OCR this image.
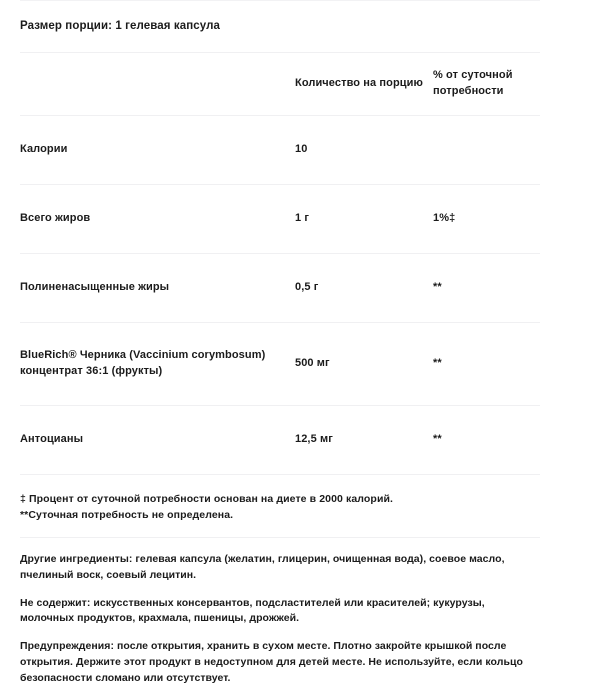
Размер порции: 1 гелевая капсула
	Количество на порцию	% от суточной
потребности
Калории	10	
Всего жиров	1 г	1%‡
Полиненасыщенные жиры	0,5 г	**
BlueRich® Черника (Vaccinium corymbosum) концентрат 36:1 (фрукты)	500 мг	**
Антоцианы	12,5 мг	**
‡ Процент от суточной потребности основан на диете в 2000 калорий.
**Суточная потребность не определена.

Другие ингредиенты: гелевая капсула (желатин, глицерин, очищенная вода), соевое масло, пчелиный воск, соевый лецитин.

Не содержит: искусственных консервантов, подсластителей или красителей; кукурузы, молочных продуктов, крахмала, пшеницы, дрожжей.

Предупреждения: после открытия, хранить в сухом месте. Плотно закройте крышкой после открытия. Держите этот продукт в недоступном для детей месте. Не используйте, если кольцо безопасности сломано или отсутствует.
